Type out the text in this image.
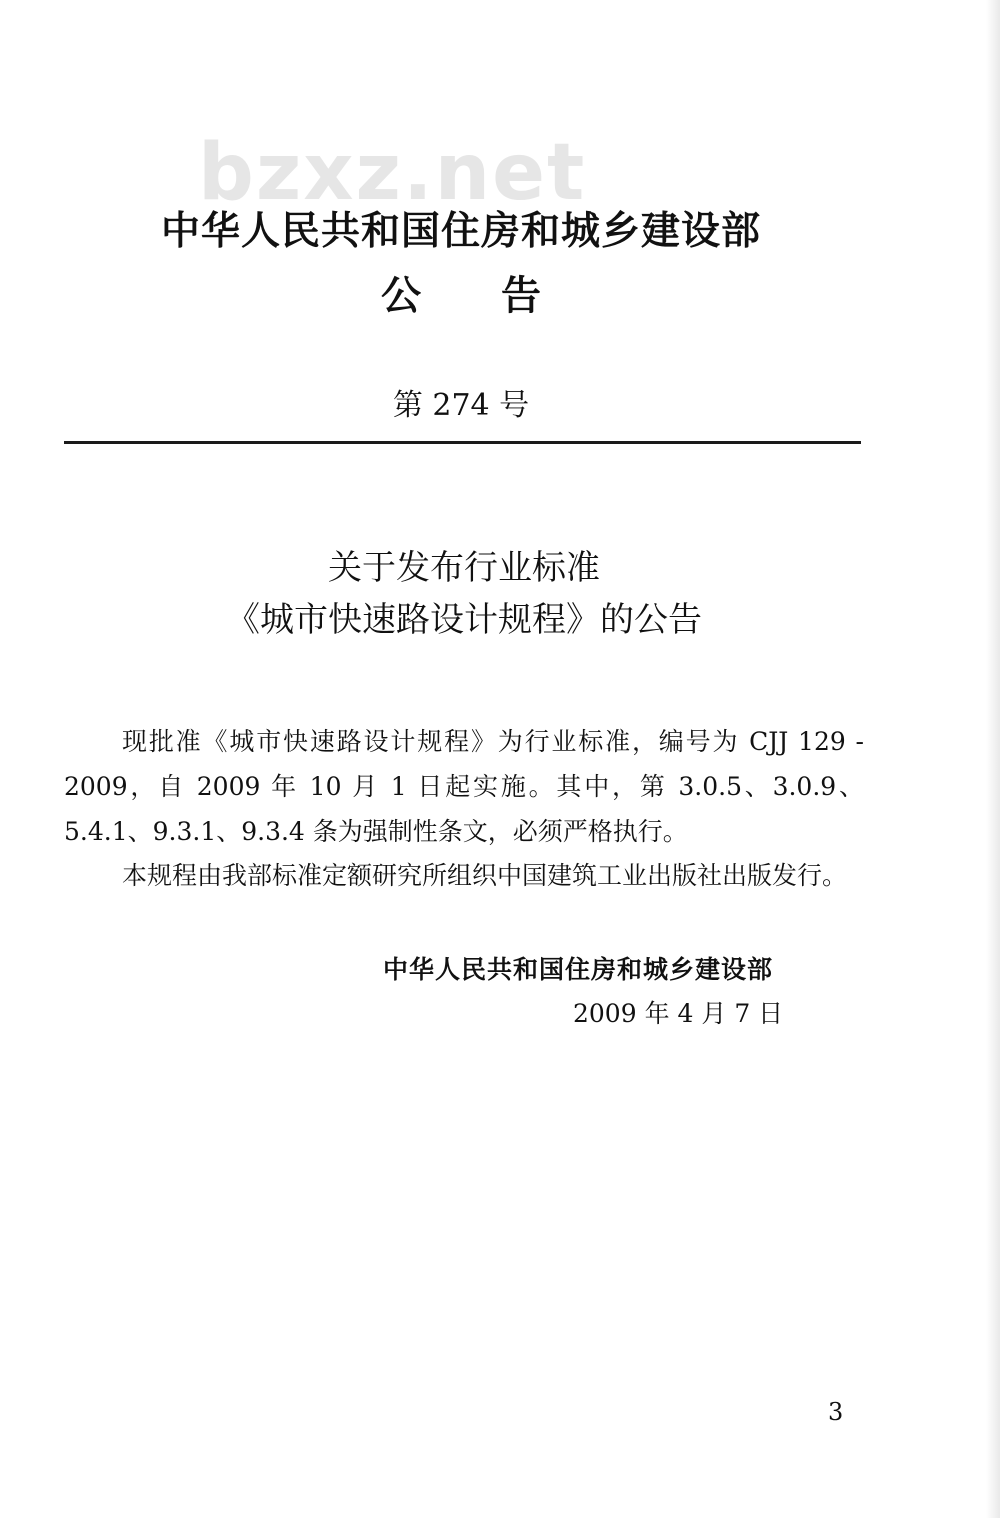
bzxz.net
中华人民共和国住房和城乡建设部
公告
第 274 号
关于发布行业标准
《城市快速路设计规程》的公告

现批准《城市快速路设计规程》为行业标准，编号为 CJJ 129 - 2009，自 2009 年 10 月 1 日起实施。其中，第 3.0.5、3.0.9、5.4.1、9.3.1、9.3.4 条为强制性条文，必须严格执行。

本规程由我部标准定额研究所组织中国建筑工业出版社出版发行。

中华人民共和国住房和城乡建设部
2009 年 4 月 7 日
3
